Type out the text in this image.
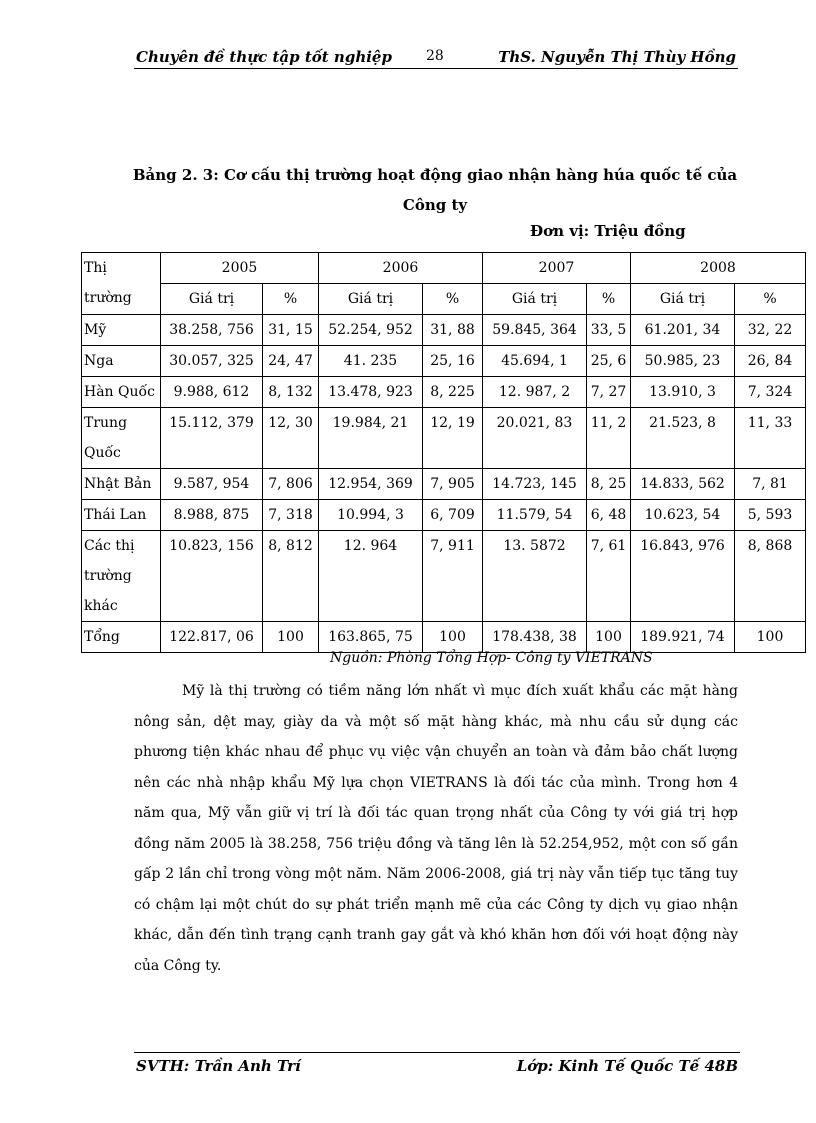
Chuyên đề thực tập tốt nghiệp 28	ThS. Nguyễn Thị Thùy Hồng
Bảng 2. 3: Cơ cấu thị trường hoạt động giao nhận hàng húa quốc tế của Công ty
Đơn vị: Triệu đồng
Thị trường	2005		2006		2007		2008	
	Giá trị	%	Giá trị	%	Giá trị	%	Giá trị	%
Mỹ	38.258, 756	31, 15	52.254, 952	31, 88	59.845, 364	33, 5	61.201, 34	32, 22
Nga	30.057, 325	24, 47	41. 235	25, 16	45.694, 1	25, 6	50.985, 23	26, 84
Hàn Quốc	9.988, 612	8, 132	13.478, 923	8, 225	12. 987, 2	7, 27	13.910, 3	7, 324
Trung Quốc	15.112, 379	12, 30	19.984, 21	12, 19	20.021, 83	11, 2	21.523, 8	11, 33
Nhật Bản	9.587, 954	7, 806	12.954, 369	7, 905	14.723, 145	8, 25	14.833, 562	7, 81
Thái Lan	8.988, 875	7, 318	10.994, 3	6, 709	11.579, 54	6, 48	10.623, 54	5, 593
Các thị trường khác	10.823, 156	8, 812	12. 964	7, 911	13. 5872	7, 61	16.843, 976	8, 868
Tổng	122.817, 06	100	163.865, 75	100	178.438, 38	100	189.921, 74	100
Nguồn: Phòng Tổng Hợp- Công ty VIETRANS
Mỹ là thị trường có tiềm năng lớn nhất vì mục đích xuất khẩu các mặt hàng nông sản, dệt may, giày da và một số mặt hàng khác, mà nhu cầu sử dụng các phương tiện khác nhau để phục vụ việc vận chuyển an toàn và đảm bảo chất lượng nên các nhà nhập khẩu Mỹ lựa chọn VIETRANS là đối tác của mình. Trong hơn 4 năm qua, Mỹ vẫn giữ vị trí là đối tác quan trọng nhất của Công ty với giá trị hợp đồng năm 2005 là 38.258, 756 triệu đồng và tăng lên là 52.254,952, một con số gần gấp 2 lần chỉ trong vòng một năm. Năm 2006-2008, giá trị này vẫn tiếp tục tăng tuy có chậm lại một chút do sự phát triển mạnh mẽ của các Công ty dịch vụ giao nhận khác, dẫn đến tình trạng cạnh tranh gay gắt và khó khăn hơn đối với hoạt động này của Công ty.
SVTH: Trần Anh Trí	Lớp: Kinh Tế Quốc Tế 48B
